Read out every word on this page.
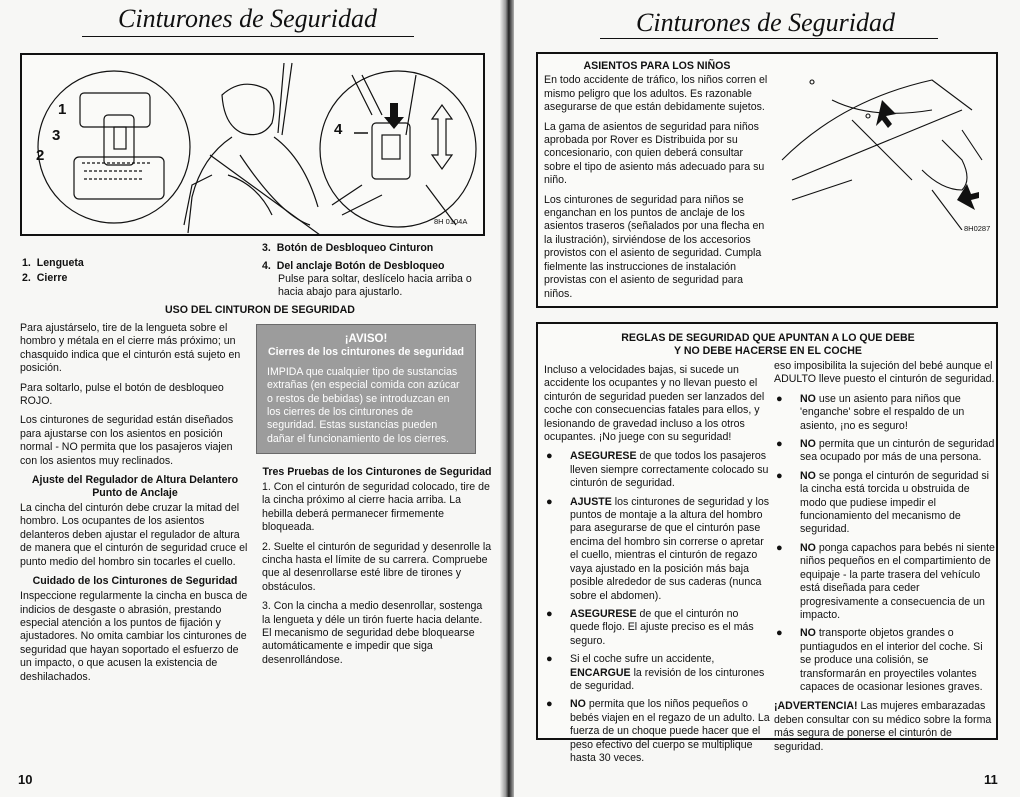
Cinturones de Seguridad
1
2
3	4
8H 0104A
1. Lengueta
2. Cierre
3. Botón de Desbloqueo Cinturon
4. Del anclaje Botón de Desbloqueo
Pulse para soltar, deslícelo hacia arriba o hacia abajo para ajustarlo.
USO DEL CINTURON DE SEGURIDAD

Para ajustárselo, tire de la lengueta sobre el hombro y métala en el cierre más próximo; un chasquido indica que el cinturón está sujeto en posición.

Para soltarlo, pulse el botón de desbloqueo ROJO.

Los cinturones de seguridad están diseñados para ajustarse con los asientos en posición normal - NO permita que los pasajeros viajen con los asientos muy reclinados.

Ajuste del Regulador de Altura Delantero Punto de Anclaje

La cincha del cinturón debe cruzar la mitad del hombro. Los ocupantes de los asientos delanteros deben ajustar el regulador de altura de manera que el cinturón de seguridad cruce el punto medio del hombro sin tocarles el cuello.

Cuidado de los Cinturones de Seguridad

Inspeccione regularmente la cincha en busca de indicios de desgaste o abrasión, prestando especial atención a los puntos de fijación y ajustadores. No omita cambiar los cinturones de seguridad que hayan soportado el esfuerzo de un impacto, o que acusen la existencia de deshilachados.

¡AVISO!
Cierres de los cinturones de seguridad
IMPIDA que cualquier tipo de sustancias extrañas (en especial comida con azúcar o restos de bebidas) se introduzcan en los cierres de los cinturones de seguridad. Estas sustancias pueden dañar el funcionamiento de los cierres.
Tres Pruebas de los Cinturones de Seguridad

1. Con el cinturón de seguridad colocado, tire de la cincha próximo al cierre hacia arriba. La hebilla deberá permanecer firmemente bloqueada.

2. Suelte el cinturón de seguridad y desenrolle la cincha hasta el límite de su carrera. Compruebe que al desenrollarse esté libre de tirones y obstáculos.

3. Con la cincha a medio desenrollar, sostenga la lengueta y déle un tirón fuerte hacia delante. El mecanismo de seguridad debe bloquearse automáticamente e impedir que siga desenrollándose.

10
Cinturones de Seguridad
ASIENTOS PARA LOS NIÑOS

En todo accidente de tráfico, los niños corren el mismo peligro que los adultos. Es razonable asegurarse de que están debidamente sujetos.

La gama de asientos de seguridad para niños aprobada por Rover es Distribuida por su concesionario, con quien deberá consultar sobre el tipo de asiento más adecuado para su niño.

Los cinturones de seguridad para niños se enganchan en los puntos de anclaje de los asientos traseros (señalados por una flecha en la ilustración), sirviéndose de los accesorios provistos con el asiento de seguridad. Cumpla fielmente las instrucciones de instalación provistas con el asiento de seguridad para niños.

8H0287
REGLAS DE SEGURIDAD QUE APUNTAN A LO QUE DEBE Y NO DEBE HACERSE EN EL COCHE

Incluso a velocidades bajas, si sucede un accidente los ocupantes y no llevan puesto el cinturón de seguridad pueden ser lanzados del coche con consecuencias fatales para ellos, y lesionando de gravedad incluso a los otros ocupantes. ¡No juege con su seguridad!

● ASEGURESE de que todos los pasajeros lleven siempre correctamente colocado su cinturón de seguridad.
● AJUSTE los cinturones de seguridad y los puntos de montaje a la altura del hombro para asegurarse de que el cinturón pase encima del hombro sin correrse o apretar el cuello, mientras el cinturón de regazo vaya ajustado en la posición más baja posible alrededor de sus caderas (nunca sobre el abdomen).
● ASEGURESE de que el cinturón no quede flojo. El ajuste preciso es el más seguro.
● Si el coche sufre un accidente, ENCARGUE la revisión de los cinturones de seguridad.
● NO permita que los niños pequeños o bebés viajen en el regazo de un adulto. La fuerza de un choque puede hacer que el peso efectivo del cuerpo se multiplique hasta 30 veces.

eso imposibilita la sujeción del bebé aunque el ADULTO lleve puesto el cinturón de seguridad.

● NO use un asiento para niños que 'enganche' sobre el respaldo de un asiento, ¡no es seguro!
● NO permita que un cinturón de seguridad sea ocupado por más de una persona.
● NO se ponga el cinturón de seguridad si la cincha está torcida u obstruida de modo que pudiese impedir el funcionamiento del mecanismo de seguridad.
● NO ponga capachos para bebés ni siente niños pequeños en el compartimiento de equipaje - la parte trasera del vehículo está diseñada para ceder progresivamente a consecuencia de un impacto.
● NO transporte objetos grandes o puntiagudos en el interior del coche. Si se produce una colisión, se transformarán en proyectiles volantes capaces de ocasionar lesiones graves.

¡ADVERTENCIA! Las mujeres embarazadas deben consultar con su médico sobre la forma más segura de ponerse el cinturón de seguridad.

11
